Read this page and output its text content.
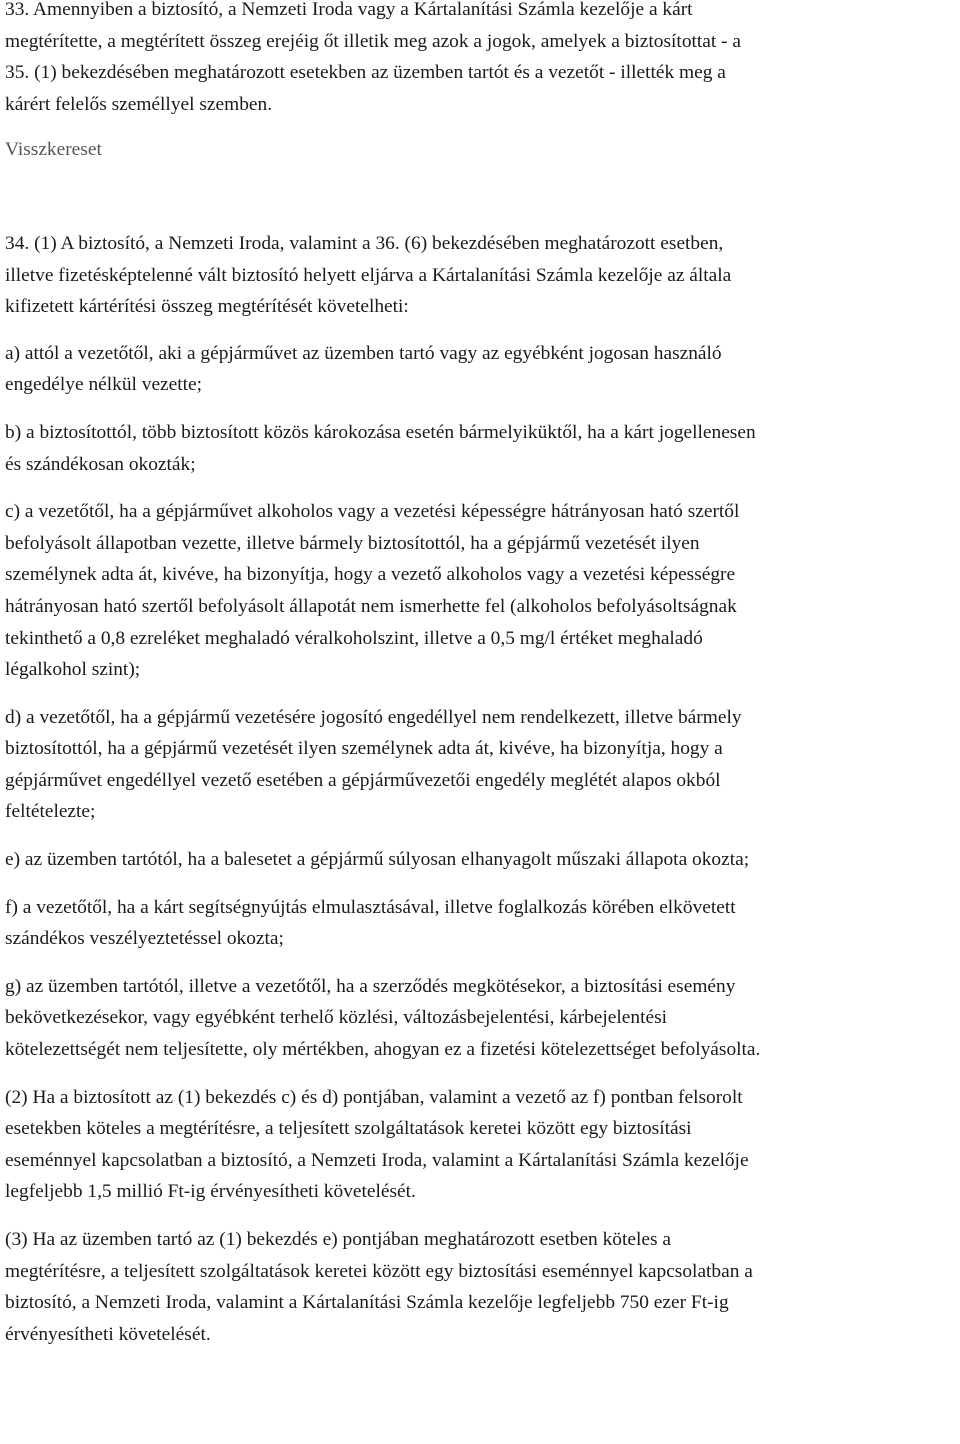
33. Amennyiben a biztosító, a Nemzeti Iroda vagy a Kártalanítási Számla kezelője a kárt
megtérítette, a megtérített összeg erejéig őt illetik meg azok a jogok, amelyek a biztosítottat - a
35. (1) bekezdésében meghatározott esetekben az üzemben tartót és a vezetőt - illették meg a
kárért felelős személlyel szemben.
Visszkereset
34. (1) A biztosító, a Nemzeti Iroda, valamint a 36. (6) bekezdésében meghatározott esetben,
illetve fizetésképtelenné vált biztosító helyett eljárva a Kártalanítási Számla kezelője az általa
kifizetett kártérítési összeg megtérítését követelheti:
a) attól a vezetőtől, aki a gépjárművet az üzemben tartó vagy az egyébként jogosan használó
engedélye nélkül vezette;
b) a biztosítottól, több biztosított közös károkozása esetén bármelyiküktől, ha a kárt jogellenesen
és szándékosan okozták;
c) a vezetőtől, ha a gépjárművet alkoholos vagy a vezetési képességre hátrányosan ható szertől
befolyásolt állapotban vezette, illetve bármely biztosítottól, ha a gépjármű vezetését ilyen
személynek adta át, kivéve, ha bizonyítja, hogy a vezető alkoholos vagy a vezetési képességre
hátrányosan ható szertől befolyásolt állapotát nem ismerhette fel (alkoholos befolyásoltságnak
tekinthető a 0,8 ezreléket meghaladó véralkoholszint, illetve a 0,5 mg/l értéket meghaladó
légalkohol szint);
d) a vezetőtől, ha a gépjármű vezetésére jogosító engedéllyel nem rendelkezett, illetve bármely
biztosítottól, ha a gépjármű vezetését ilyen személynek adta át, kivéve, ha bizonyítja, hogy a
gépjárművet engedéllyel vezető esetében a gépjárművezetői engedély meglétét alapos okból
feltételezte;
e) az üzemben tartótól, ha a balesetet a gépjármű súlyosan elhanyagolt műszaki állapota okozta;
f) a vezetőtől, ha a kárt segítségnyújtás elmulasztásával, illetve foglalkozás körében elkövetett
szándékos veszélyeztetéssel okozta;
g) az üzemben tartótól, illetve a vezetőtől, ha a szerződés megkötésekor, a biztosítási esemény
bekövetkezésekor, vagy egyébként terhelő közlési, változásbejelentési, kárbejelentési
kötelezettségét nem teljesítette, oly mértékben, ahogyan ez a fizetési kötelezettséget befolyásolta.
(2) Ha a biztosított az (1) bekezdés c) és d) pontjában, valamint a vezető az f) pontban felsorolt
esetekben köteles a megtérítésre, a teljesített szolgáltatások keretei között egy biztosítási
eseménnyel kapcsolatban a biztosító, a Nemzeti Iroda, valamint a Kártalanítási Számla kezelője
legfeljebb 1,5 millió Ft-ig érvényesítheti követelését.
(3) Ha az üzemben tartó az (1) bekezdés e) pontjában meghatározott esetben köteles a
megtérítésre, a teljesített szolgáltatások keretei között egy biztosítási eseménnyel kapcsolatban a
biztosító, a Nemzeti Iroda, valamint a Kártalanítási Számla kezelője legfeljebb 750 ezer Ft-ig
érvényesítheti követelését.
